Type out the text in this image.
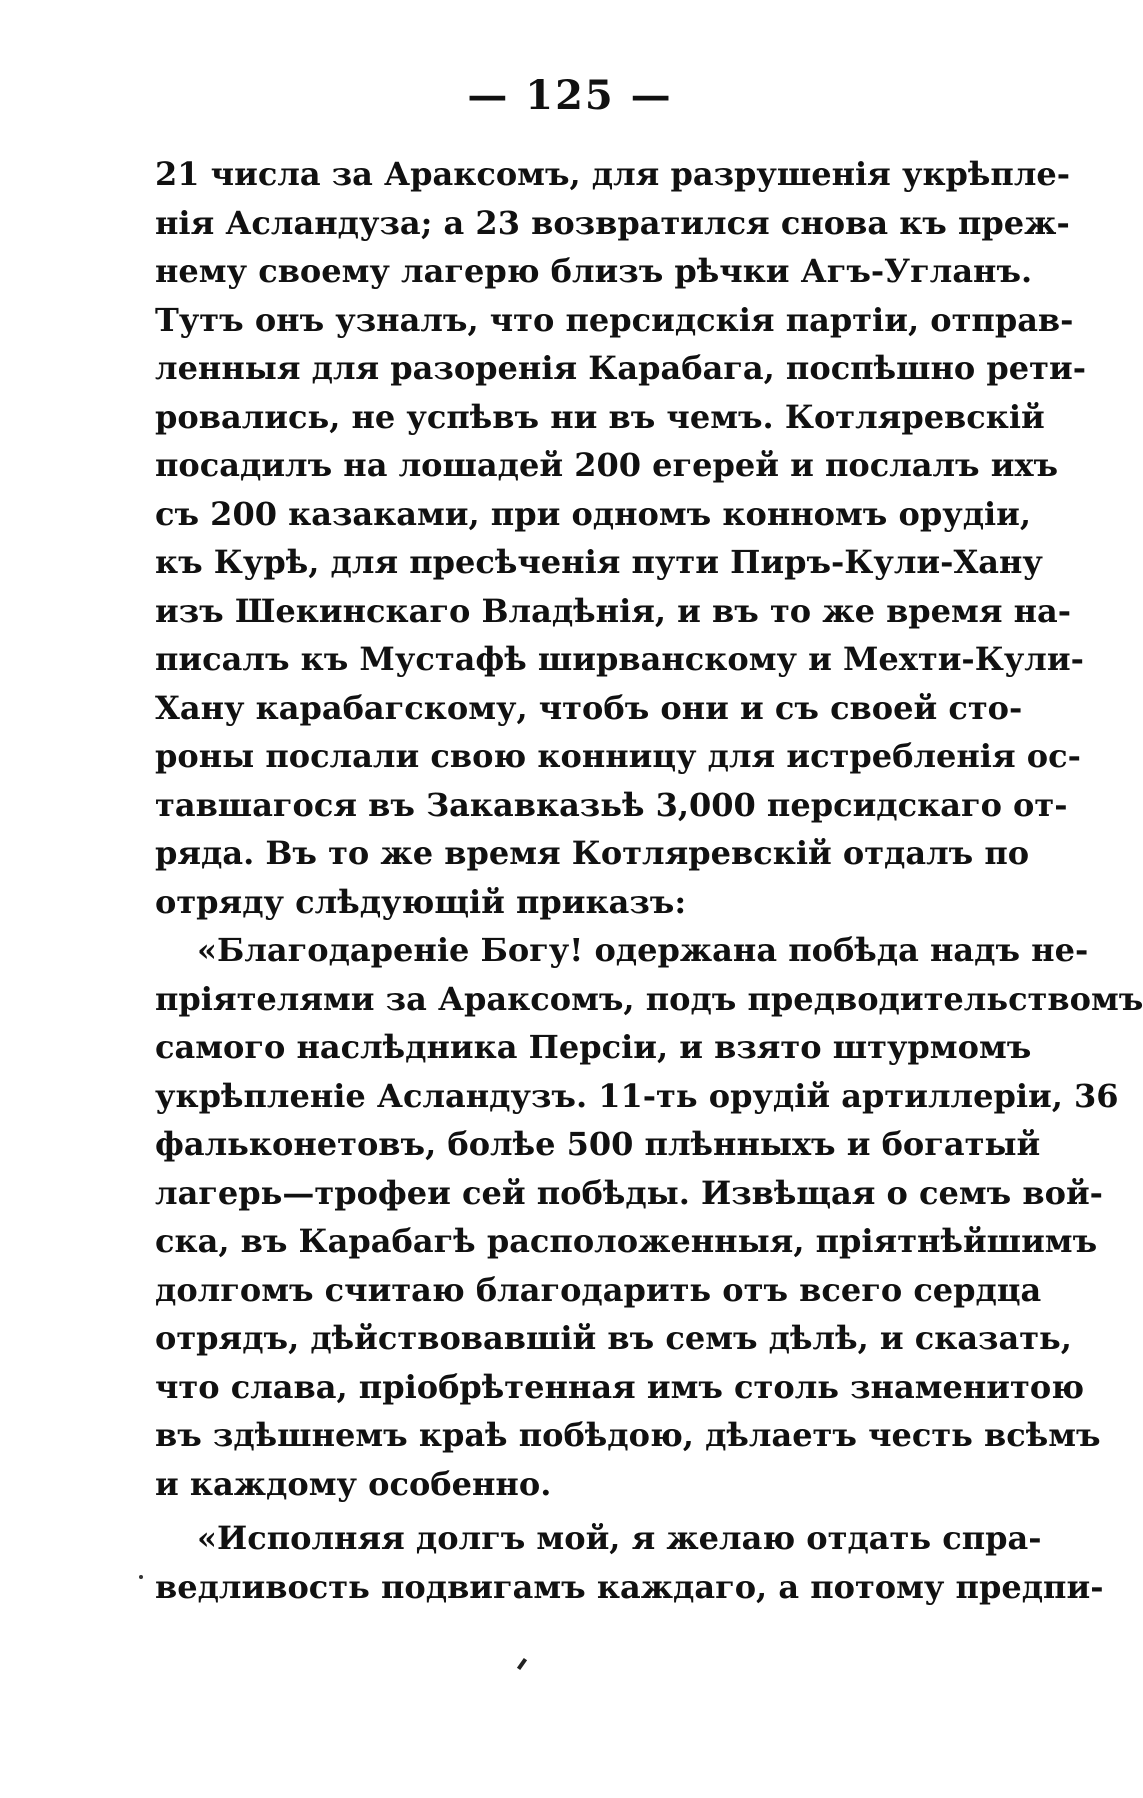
— 125 —
21 числа за Араксомъ, для разрушенія укрѣпле-
нія Асландуза; а 23 возвратился снова къ преж-
нему своему лагерю близъ рѣчки Агъ-Угланъ.
Тутъ онъ узналъ, что персидскія партіи, отправ-
ленныя для разоренія Карабага, поспѣшно рети-
ровались, не успѣвъ ни въ чемъ. Котляревскій
посадилъ на лошадей 200 егерей и послалъ ихъ
съ 200 казаками, при одномъ конномъ орудіи,
къ Курѣ, для пресѣченія пути Пиръ-Кули-Хану
изъ Шекинскаго Владѣнія, и въ то же время на-
писалъ къ Мустафѣ ширванскому и Мехти-Кули-
Хану карабагскому, чтобъ они и съ своей сто-
роны послали свою конницу для истребленія ос-
тавшагося въ Закавказьѣ 3,000 персидскаго от-
ряда. Въ то же время Котляревскій отдалъ по
отряду слѣдующій приказъ:
«Благодареніе Богу! одержана побѣда надъ не-
пріятелями за Араксомъ, подъ предводительствомъ
самого наслѣдника Персіи, и взято штурмомъ
укрѣпленіе Асландузъ. 11-ть орудій артиллеріи, 36
фальконетовъ, болѣе 500 плѣнныхъ и богатый
лагерь—трофеи сей побѣды. Извѣщая о семъ вой-
ска, въ Карабагѣ расположенныя, пріятнѣйшимъ
долгомъ считаю благодарить отъ всего сердца
отрядъ, дѣйствовавшій въ семъ дѣлѣ, и сказать,
что слава, пріобрѣтенная имъ столь знаменитою
въ здѣшнемъ краѣ побѣдою, дѣлаетъ честь всѣмъ
и каждому особенно.
«Исполняя долгъ мой, я желаю отдать спра-
ведливость подвигамъ каждаго, а потому предпи-
